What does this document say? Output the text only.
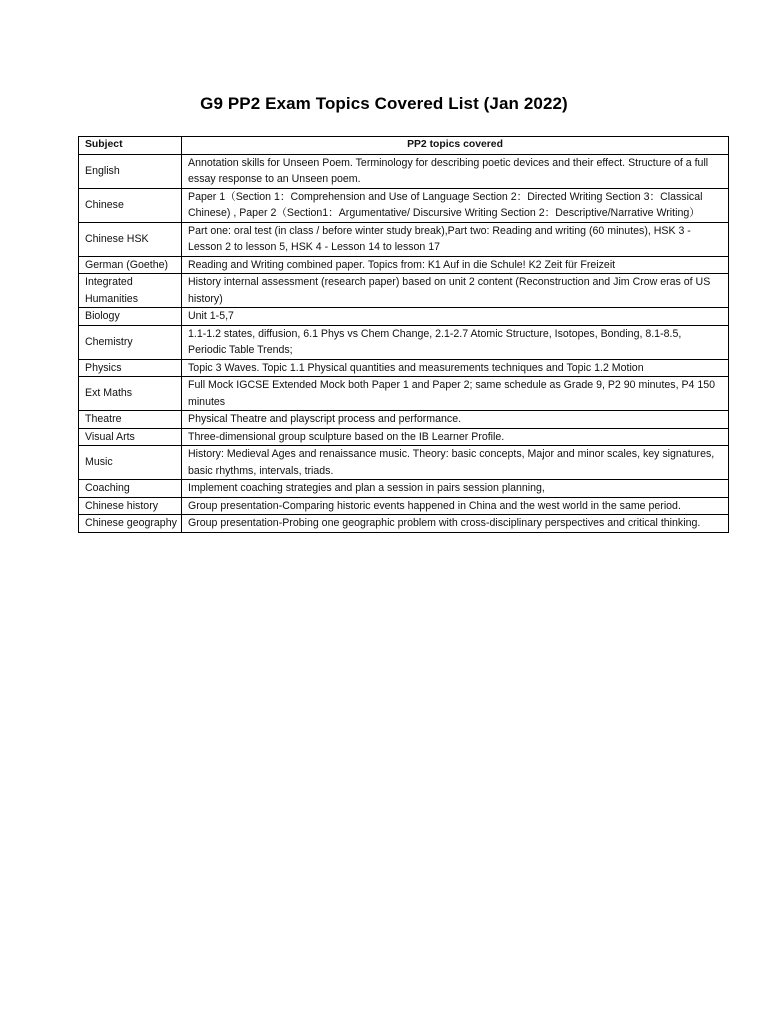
G9 PP2 Exam Topics Covered List (Jan 2022)
Subject	PP2 topics covered
English	Annotation skills for Unseen Poem. Terminology for describing poetic devices and their effect. Structure of a full essay response to an Unseen poem.
Chinese	Paper 1（Section 1：Comprehension and Use of Language Section 2：Directed Writing Section 3：Classical Chinese) , Paper 2（Section1：Argumentative/ Discursive Writing Section 2：Descriptive/Narrative Writing）
Chinese HSK	Part one: oral test (in class / before winter study break),Part two: Reading and writing (60 minutes), HSK 3 - Lesson 2 to lesson 5, HSK 4 - Lesson 14 to lesson 17
German (Goethe)	Reading and Writing combined paper. Topics from: K1 Auf in die Schule! K2 Zeit für Freizeit
Integrated Humanities	History internal assessment (research paper) based on unit 2 content (Reconstruction and Jim Crow eras of US history)
Biology	Unit 1-5,7
Chemistry	1.1-1.2 states, diffusion, 6.1 Phys vs Chem Change, 2.1-2.7 Atomic Structure, Isotopes, Bonding, 8.1-8.5, Periodic Table Trends;
Physics	Topic 3 Waves. Topic 1.1 Physical quantities and measurements techniques and Topic 1.2 Motion
Ext Maths	Full Mock IGCSE Extended Mock both Paper 1 and Paper 2; same schedule as Grade 9, P2 90 minutes, P4 150 minutes
Theatre	Physical Theatre and playscript process and performance.
Visual Arts	Three-dimensional group sculpture based on the IB Learner Profile.
Music	History: Medieval Ages and renaissance music. Theory: basic concepts, Major and minor scales, key signatures, basic rhythms, intervals, triads.
Coaching	Implement coaching strategies and plan a session in pairs session planning,
Chinese history	Group presentation-Comparing historic events happened in China and the west world in the same period.
Chinese geography	Group presentation-Probing one geographic problem with cross-disciplinary perspectives and critical thinking.
